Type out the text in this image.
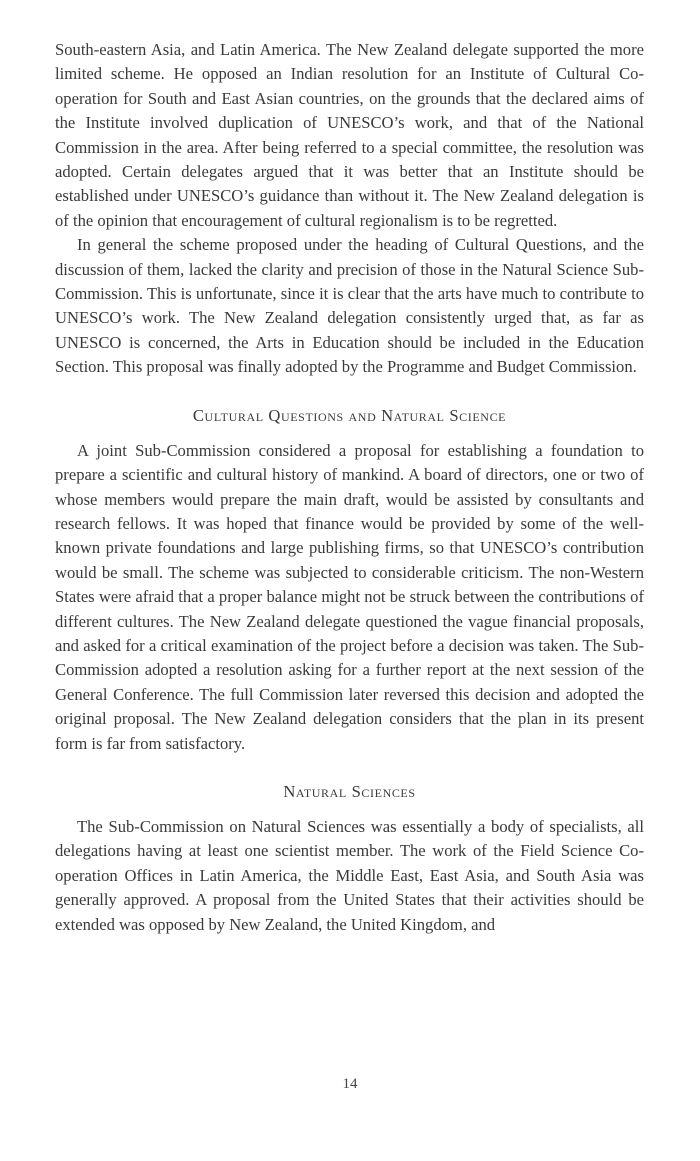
South-eastern Asia, and Latin America. The New Zealand delegate supported the more limited scheme. He opposed an Indian resolution for an Institute of Cultural Co-operation for South and East Asian countries, on the grounds that the declared aims of the Institute involved duplication of UNESCO’s work, and that of the National Commission in the area. After being referred to a special committee, the resolution was adopted. Certain delegates argued that it was better that an Institute should be established under UNESCO’s guidance than without it. The New Zealand delegation is of the opinion that encouragement of cultural regionalism is to be regretted.

In general the scheme proposed under the heading of Cultural Questions, and the discussion of them, lacked the clarity and precision of those in the Natural Science Sub-Commission. This is unfortunate, since it is clear that the arts have much to contribute to UNESCO’s work. The New Zealand delegation consistently urged that, as far as UNESCO is concerned, the Arts in Education should be included in the Education Section. This proposal was finally adopted by the Programme and Budget Commission.

Cultural Questions and Natural Science

A joint Sub-Commission considered a proposal for establishing a foundation to prepare a scientific and cultural history of mankind. A board of directors, one or two of whose members would prepare the main draft, would be assisted by consultants and research fellows. It was hoped that finance would be provided by some of the well-known private foundations and large publishing firms, so that UNESCO’s contribution would be small. The scheme was subjected to considerable criticism. The non-Western States were afraid that a proper balance might not be struck between the contributions of different cultures. The New Zealand delegate questioned the vague financial proposals, and asked for a critical examination of the project before a decision was taken. The Sub-Commission adopted a resolution asking for a further report at the next session of the General Conference. The full Commission later reversed this decision and adopted the original proposal. The New Zealand delegation considers that the plan in its present form is far from satisfactory.

Natural Sciences

The Sub-Commission on Natural Sciences was essentially a body of specialists, all delegations having at least one scientist member. The work of the Field Science Co-operation Offices in Latin America, the Middle East, East Asia, and South Asia was generally approved. A proposal from the United States that their activities should be extended was opposed by New Zealand, the United Kingdom, and

14
